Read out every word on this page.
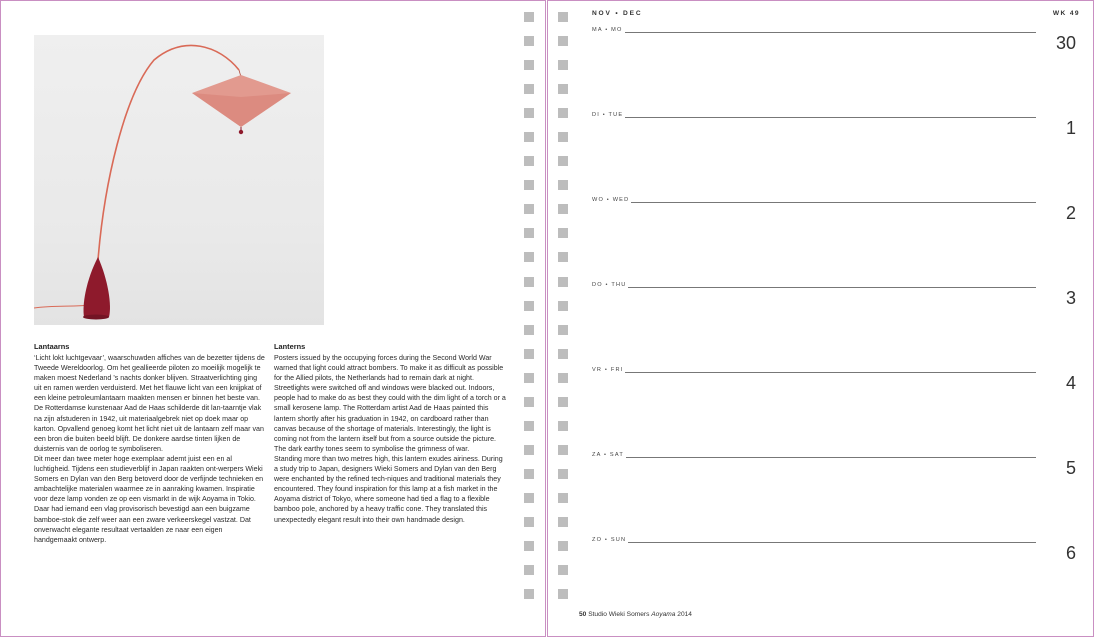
Lantaarns

‘Licht lokt luchtgevaar’, waarschuwden affiches van de bezetter tijdens de Tweede Wereldoorlog. Om het geallieerde piloten zo moeilijk mogelijk te maken moest Nederland ’s nachts donker blijven. Straatverlichting ging uit en ramen werden verduisterd. Met het flauwe licht van een knijpkat of een kleine petroleumlantaarn maakten mensen er binnen het beste van. De Rotterdamse kunstenaar Aad de Haas schilderde dit lan-taarntje vlak na zijn afstuderen in 1942, uit materiaalgebrek niet op doek maar op karton. Opvallend genoeg komt het licht niet uit de lantaarn zelf maar van een bron die buiten beeld blijft. De donkere aardse tinten lijken de duisternis van de oorlog te symboliseren.

Dit meer dan twee meter hoge exemplaar ademt juist een en al luchtigheid. Tijdens een studieverblijf in Japan raakten ont-werpers Wieki Somers en Dylan van den Berg betoverd door de verfijnde technieken en ambachtelijke materialen waarmee ze in aanraking kwamen. Inspiratie voor deze lamp vonden ze op een vismarkt in de wijk Aoyama in Tokio. Daar had iemand een vlag provisorisch bevestigd aan een buigzame bamboe-stok die zelf weer aan een zware verkeerskegel vastzat. Dat onverwacht elegante resultaat vertaalden ze naar een eigen handgemaakt ontwerp.

Lanterns

Posters issued by the occupying forces during the Second World War warned that light could attract bombers. To make it as difficult as possible for the Allied pilots, the Netherlands had to remain dark at night. Streetlights were switched off and windows were blacked out. Indoors, people had to make do as best they could with the dim light of a torch or a small kerosene lamp. The Rotterdam artist Aad de Haas painted this lantern shortly after his graduation in 1942, on cardboard rather than canvas because of the shortage of materials. Interestingly, the light is coming not from the lantern itself but from a source outside the picture. The dark earthy tones seem to symbolise the grimness of war.

Standing more than two metres high, this lantern exudes airiness. During a study trip to Japan, designers Wieki Somers and Dylan van den Berg were enchanted by the refined tech-niques and traditional materials they encountered. They found inspiration for this lamp at a fish market in the Aoyama district of Tokyo, where someone had tied a flag to a flexible bamboo pole, anchored by a heavy traffic cone. They translated this unexpectedly elegant result into their own handmade design.

NOV • DEC	WK 49
MA • MO
30
DI • TUE
1
WO • WED
2
DO • THU
3
VR • FRI
4
ZA • SAT
5
ZO • SUN
6
50 Studio Wieki Somers Aoyama 2014
